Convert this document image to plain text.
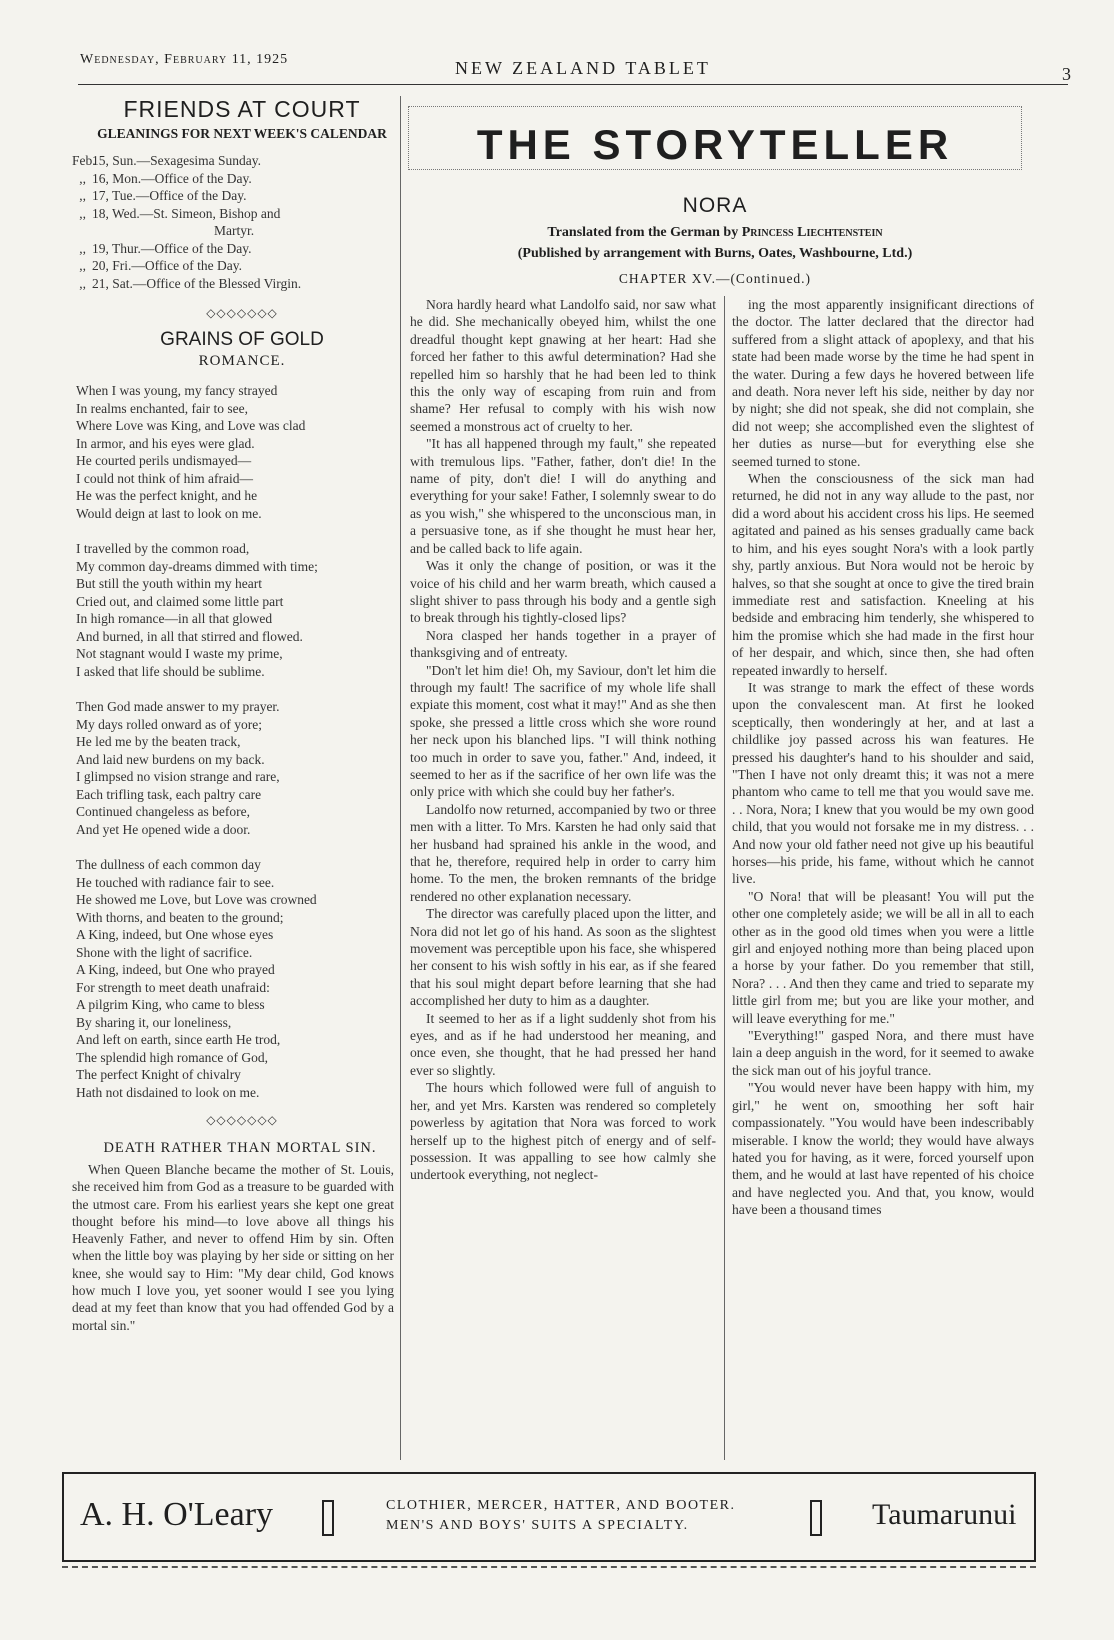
Wednesday, February 11, 1925	NEW ZEALAND TABLET	3
FRIENDS AT COURT
GLEANINGS FOR NEXT WEEK'S CALENDAR
Feb.
15, Sun.—Sexagesima Sunday.
,, 16, Mon.—Office of the Day.
,, 17, Tue.—Office of the Day.
,, 18, Wed.—St. Simeon, Bishop and
Martyr.
,, 19, Thur.—Office of the Day.
,, 20, Fri.—Office of the Day.
,, 21, Sat.—Office of the Blessed Virgin.
◇◇◇◇◇◇◇
GRAINS OF GOLD
ROMANCE.
When I was young, my fancy strayed
In realms enchanted, fair to see,
Where Love was King, and Love was clad
In armor, and his eyes were glad.
He courted perils undismayed—
I could not think of him afraid—
He was the perfect knight, and he
Would deign at last to look on me.
I travelled by the common road,
My common day-dreams dimmed with time;
But still the youth within my heart
Cried out, and claimed some little part
In high romance—in all that glowed
And burned, in all that stirred and flowed.
Not stagnant would I waste my prime,
I asked that life should be sublime.
Then God made answer to my prayer.
My days rolled onward as of yore;
He led me by the beaten track,
And laid new burdens on my back.
I glimpsed no vision strange and rare,
Each trifling task, each paltry care
Continued changeless as before,
And yet He opened wide a door.
The dullness of each common day
He touched with radiance fair to see.
He showed me Love, but Love was crowned
With thorns, and beaten to the ground;
A King, indeed, but One whose eyes
Shone with the light of sacrifice.
A King, indeed, but One who prayed
For strength to meet death unafraid:
A pilgrim King, who came to bless
By sharing it, our loneliness,
And left on earth, since earth He trod,
The splendid high romance of God,
The perfect Knight of chivalry
Hath not disdained to look on me.
◇◇◇◇◇◇◇
DEATH RATHER THAN MORTAL SIN.
When Queen Blanche became the mother of St. Louis, she received him from God as a treasure to be guarded with the utmost care. From his earliest years she kept one great thought before his mind—to love above all things his Heavenly Father, and never to offend Him by sin. Often when the little boy was playing by her side or sitting on her knee, she would say to Him: "My dear child, God knows how much I love you, yet sooner would I see you lying dead at my feet than know that you had offended God by a mortal sin."
THE STORYTELLER
NORA
Translated from the German by Princess Liechtenstein
(Published by arrangement with Burns, Oates, Washbourne, Ltd.)
CHAPTER XV.—(Continued.)
Nora hardly heard what Landolfo said, nor saw what he did. She mechanically obeyed him, whilst the one dreadful thought kept gnawing at her heart: Had she forced her father to this awful determination? Had she repelled him so harshly that he had been led to think this the only way of escaping from ruin and from shame? Her refusal to comply with his wish now seemed a monstrous act of cruelty to her.
"It has all happened through my fault," she repeated with tremulous lips. "Father, father, don't die! In the name of pity, don't die! I will do anything and everything for your sake! Father, I solemnly swear to do as you wish," she whispered to the unconscious man, in a persuasive tone, as if she thought he must hear her, and be called back to life again.
Was it only the change of position, or was it the voice of his child and her warm breath, which caused a slight shiver to pass through his body and a gentle sigh to break through his tightly-closed lips?
Nora clasped her hands together in a prayer of thanksgiving and of entreaty.
"Don't let him die! Oh, my Saviour, don't let him die through my fault! The sacrifice of my whole life shall expiate this moment, cost what it may!" And as she then spoke, she pressed a little cross which she wore round her neck upon his blanched lips. "I will think nothing too much in order to save you, father." And, indeed, it seemed to her as if the sacrifice of her own life was the only price with which she could buy her father's.
Landolfo now returned, accompanied by two or three men with a litter. To Mrs. Karsten he had only said that her husband had sprained his ankle in the wood, and that he, therefore, required help in order to carry him home. To the men, the broken remnants of the bridge rendered no other explanation necessary.
The director was carefully placed upon the litter, and Nora did not let go of his hand. As soon as the slightest movement was perceptible upon his face, she whispered her consent to his wish softly in his ear, as if she feared that his soul might depart before learning that she had accomplished her duty to him as a daughter.
It seemed to her as if a light suddenly shot from his eyes, and as if he had understood her meaning, and once even, she thought, that he had pressed her hand ever so slightly.
The hours which followed were full of anguish to her, and yet Mrs. Karsten was rendered so completely powerless by agitation that Nora was forced to work herself up to the highest pitch of energy and of self-possession. It was appalling to see how calmly she undertook everything, not neglect-
ing the most apparently insignificant directions of the doctor. The latter declared that the director had suffered from a slight attack of apoplexy, and that his state had been made worse by the time he had spent in the water. During a few days he hovered between life and death. Nora never left his side, neither by day nor by night; she did not speak, she did not complain, she did not weep; she accomplished even the slightest of her duties as nurse—but for everything else she seemed turned to stone.
When the consciousness of the sick man had returned, he did not in any way allude to the past, nor did a word about his accident cross his lips. He seemed agitated and pained as his senses gradually came back to him, and his eyes sought Nora's with a look partly shy, partly anxious. But Nora would not be heroic by halves, so that she sought at once to give the tired brain immediate rest and satisfaction. Kneeling at his bedside and embracing him tenderly, she whispered to him the promise which she had made in the first hour of her despair, and which, since then, she had often repeated inwardly to herself.
It was strange to mark the effect of these words upon the convalescent man. At first he looked sceptically, then wonderingly at her, and at last a childlike joy passed across his wan features. He pressed his daughter's hand to his shoulder and said, "Then I have not only dreamt this; it was not a mere phantom who came to tell me that you would save me. . . Nora, Nora; I knew that you would be my own good child, that you would not forsake me in my distress. . . And now your old father need not give up his beautiful horses—his pride, his fame, without which he cannot live.
"O Nora! that will be pleasant! You will put the other one completely aside; we will be all in all to each other as in the good old times when you were a little girl and enjoyed nothing more than being placed upon a horse by your father. Do you remember that still, Nora? . . . And then they came and tried to separate my little girl from me; but you are like your mother, and will leave everything for me."
"Everything!" gasped Nora, and there must have lain a deep anguish in the word, for it seemed to awake the sick man out of his joyful trance.
"You would never have been happy with him, my girl," he went on, smoothing her soft hair compassionately. "You would have been indescribably miserable. I know the world; they would have always hated you for having, as it were, forced yourself upon them, and he would at last have repented of his choice and have neglected you. And that, you know, would have been a thousand times
A. H. O'Leary	CLOTHIER, MERCER, HATTER, AND BOOTER.
MEN'S AND BOYS' SUITS A SPECIALTY.	Taumarunui
